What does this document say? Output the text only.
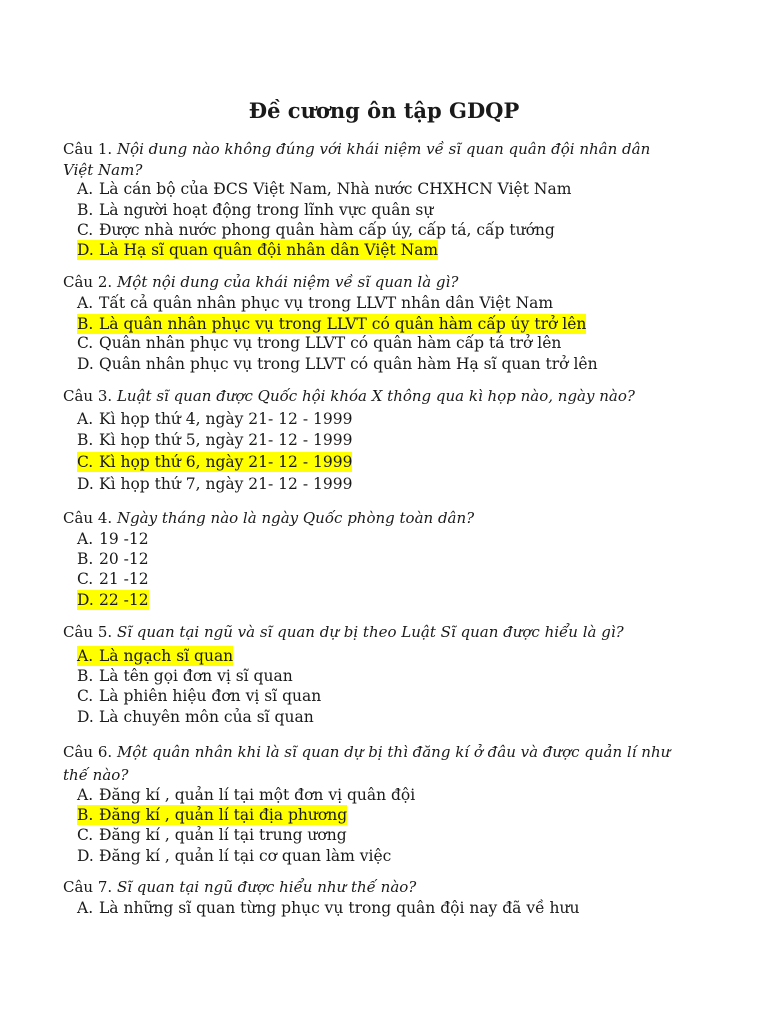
Đề cương ôn tập GDQP
Câu 1. Nội dung nào không đúng với khái niệm về sĩ quan quân đội nhân dân Việt Nam?
A. Là cán bộ của ĐCS Việt Nam, Nhà nước CHXHCN Việt Nam
B. Là người hoạt động trong lĩnh vực quân sự
C. Được nhà nước phong quân hàm cấp úy, cấp tá, cấp tướng
D. Là Hạ sĩ quan quân đội nhân dân Việt Nam
Câu 2. Một nội dung của khái niệm về sĩ quan là gì?
A. Tất cả quân nhân phục vụ trong LLVT nhân dân Việt Nam
B. Là quân nhân phục vụ trong LLVT có quân hàm cấp úy trở lên
C. Quân nhân phục vụ trong LLVT có quân hàm cấp tá trở lên
D. Quân nhân phục vụ trong LLVT có quân hàm Hạ sĩ quan trở lên
Câu 3. Luật sĩ quan được Quốc hội khóa X thông qua kì họp nào, ngày nào?
A. Kì họp thứ 4, ngày 21- 12 - 1999
B. Kì họp thứ 5, ngày 21- 12 - 1999
C. Kì họp thứ 6, ngày 21- 12 - 1999
D. Kì họp thứ 7, ngày 21- 12 - 1999
Câu 4. Ngày tháng nào là ngày Quốc phòng toàn dân?
A. 19 -12
B. 20 -12
C. 21 -12
D. 22 -12
Câu 5. Sĩ quan tại ngũ và sĩ quan dự bị theo Luật Sĩ quan được hiểu là gì?
A. Là ngạch sĩ quan
B. Là tên gọi đơn vị sĩ quan
C. Là phiên hiệu đơn vị sĩ quan
D. Là chuyên môn của sĩ quan
Câu 6. Một quân nhân khi là sĩ quan dự bị thì đăng kí ở đâu và được quản lí như thế nào?
A. Đăng kí , quản lí tại một đơn vị quân đội
B. Đăng kí , quản lí tại địa phương
C. Đăng kí , quản lí tại trung ương
D. Đăng kí , quản lí tại cơ quan làm việc
Câu 7. Sĩ quan tại ngũ được hiểu như thế nào?
A. Là những sĩ quan từng phục vụ trong quân đội nay đã về hưu
